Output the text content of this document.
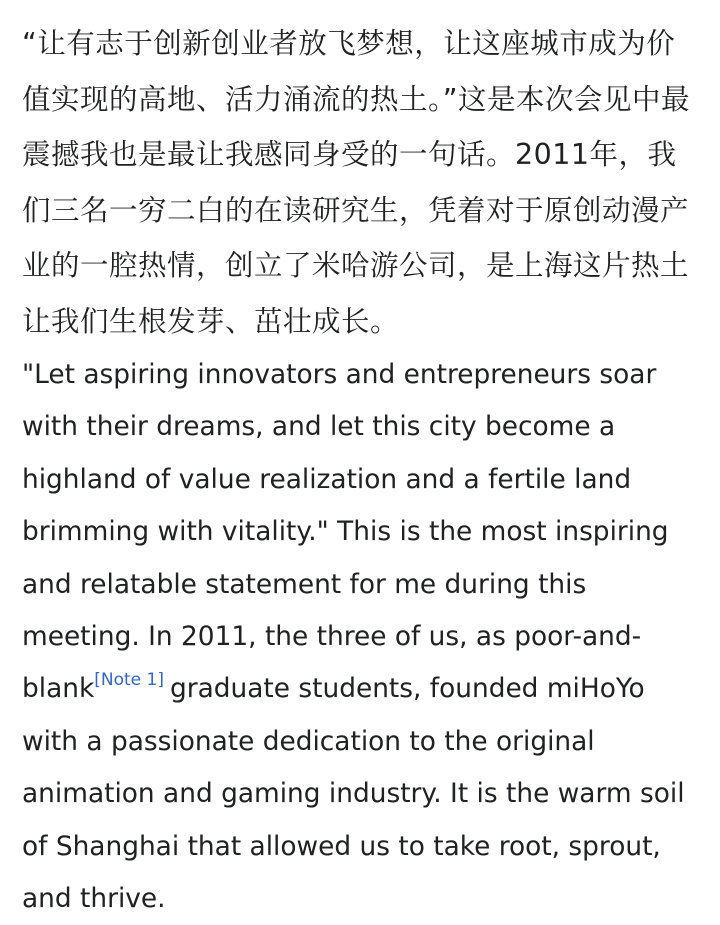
“让有志于创新创业者放飞梦想，让这座城市成为价值实现的高地、活力涌流的热土。”这是本次会见中最震撼我也是最让我感同身受的一句话。2011年，我们三名一穷二白的在读研究生，凭着对于原创动漫产业的一腔热情，创立了米哈游公司，是上海这片热土让我们生根发芽、茁壮成长。

"Let aspiring innovators and entrepreneurs soar
with their dreams, and let this city become a
highland of value realization and a fertile land
brimming with vitality." This is the most inspiring
and relatable statement for me during this
meeting. In 2011, the three of us, as poor-and-
blank[Note 1] graduate students, founded miHoYo
with a passionate dedication to the original
animation and gaming industry. It is the warm soil
of Shanghai that allowed us to take root, sprout,
and thrive.
